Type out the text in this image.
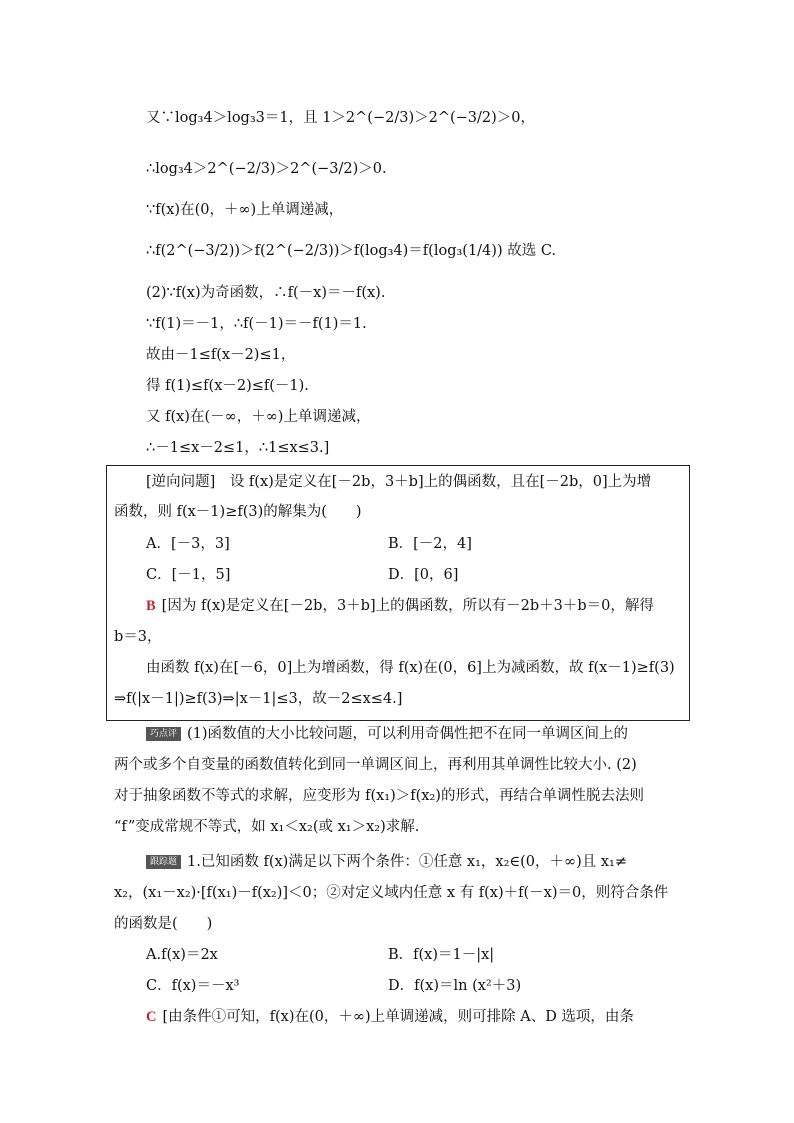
又∵log₃4＞log₃3＝1，且 1＞2^(−2/3)＞2^(−3/2)＞0，
∴log₃4＞2^(−2/3)＞2^(−3/2)＞0.
∵f(x)在(0，＋∞)上单调递减，
∴f(2^(−3/2))＞f(2^(−2/3))＞f(log₃4)＝f(log₃(1/4)) 故选 C.
(2)∵f(x)为奇函数，∴f(－x)＝－f(x).
∵f(1)＝－1，∴f(－1)＝－f(1)＝1.
故由－1≤f(x－2)≤1，
得 f(1)≤f(x－2)≤f(－1).
又 f(x)在(－∞，＋∞)上单调递减，
∴－1≤x－2≤1，∴1≤x≤3.]
[逆向问题]　设 f(x)是定义在[－2b，3＋b]上的偶函数，且在[－2b，0]上为增
函数，则 f(x－1)≥f(3)的解集为(　　)
A．[－3，3]	B．[－2，4]
C．[－1，5]	D．[0，6]
B [因为 f(x)是定义在[－2b，3＋b]上的偶函数，所以有－2b＋3＋b＝0，解得
b＝3，
由函数 f(x)在[－6，0]上为增函数，得 f(x)在(0，6]上为减函数，故 f(x－1)≥f(3)
⇒f(|x－1|)≥f(3)⇒|x－1|≤3，故－2≤x≤4.]
巧点评 (1)函数值的大小比较问题，可以利用奇偶性把不在同一单调区间上的
两个或多个自变量的函数值转化到同一单调区间上，再利用其单调性比较大小. (2)
对于抽象函数不等式的求解，应变形为 f(x₁)＞f(x₂)的形式，再结合单调性脱去法则
“f”变成常规不等式，如 x₁＜x₂(或 x₁＞x₂)求解.
跟踪题 1.已知函数 f(x)满足以下两个条件：①任意 x₁，x₂∈(0，＋∞)且 x₁≠
x₂，(x₁－x₂)·[f(x₁)－f(x₂)]＜0；②对定义域内任意 x 有 f(x)＋f(－x)＝0，则符合条件
的函数是(　　)
A.f(x)＝2x	B．f(x)＝1－|x|
C．f(x)＝－x³	D．f(x)＝ln (x²＋3)
C [由条件①可知，f(x)在(0，＋∞)上单调递减，则可排除 A、D 选项，由条
